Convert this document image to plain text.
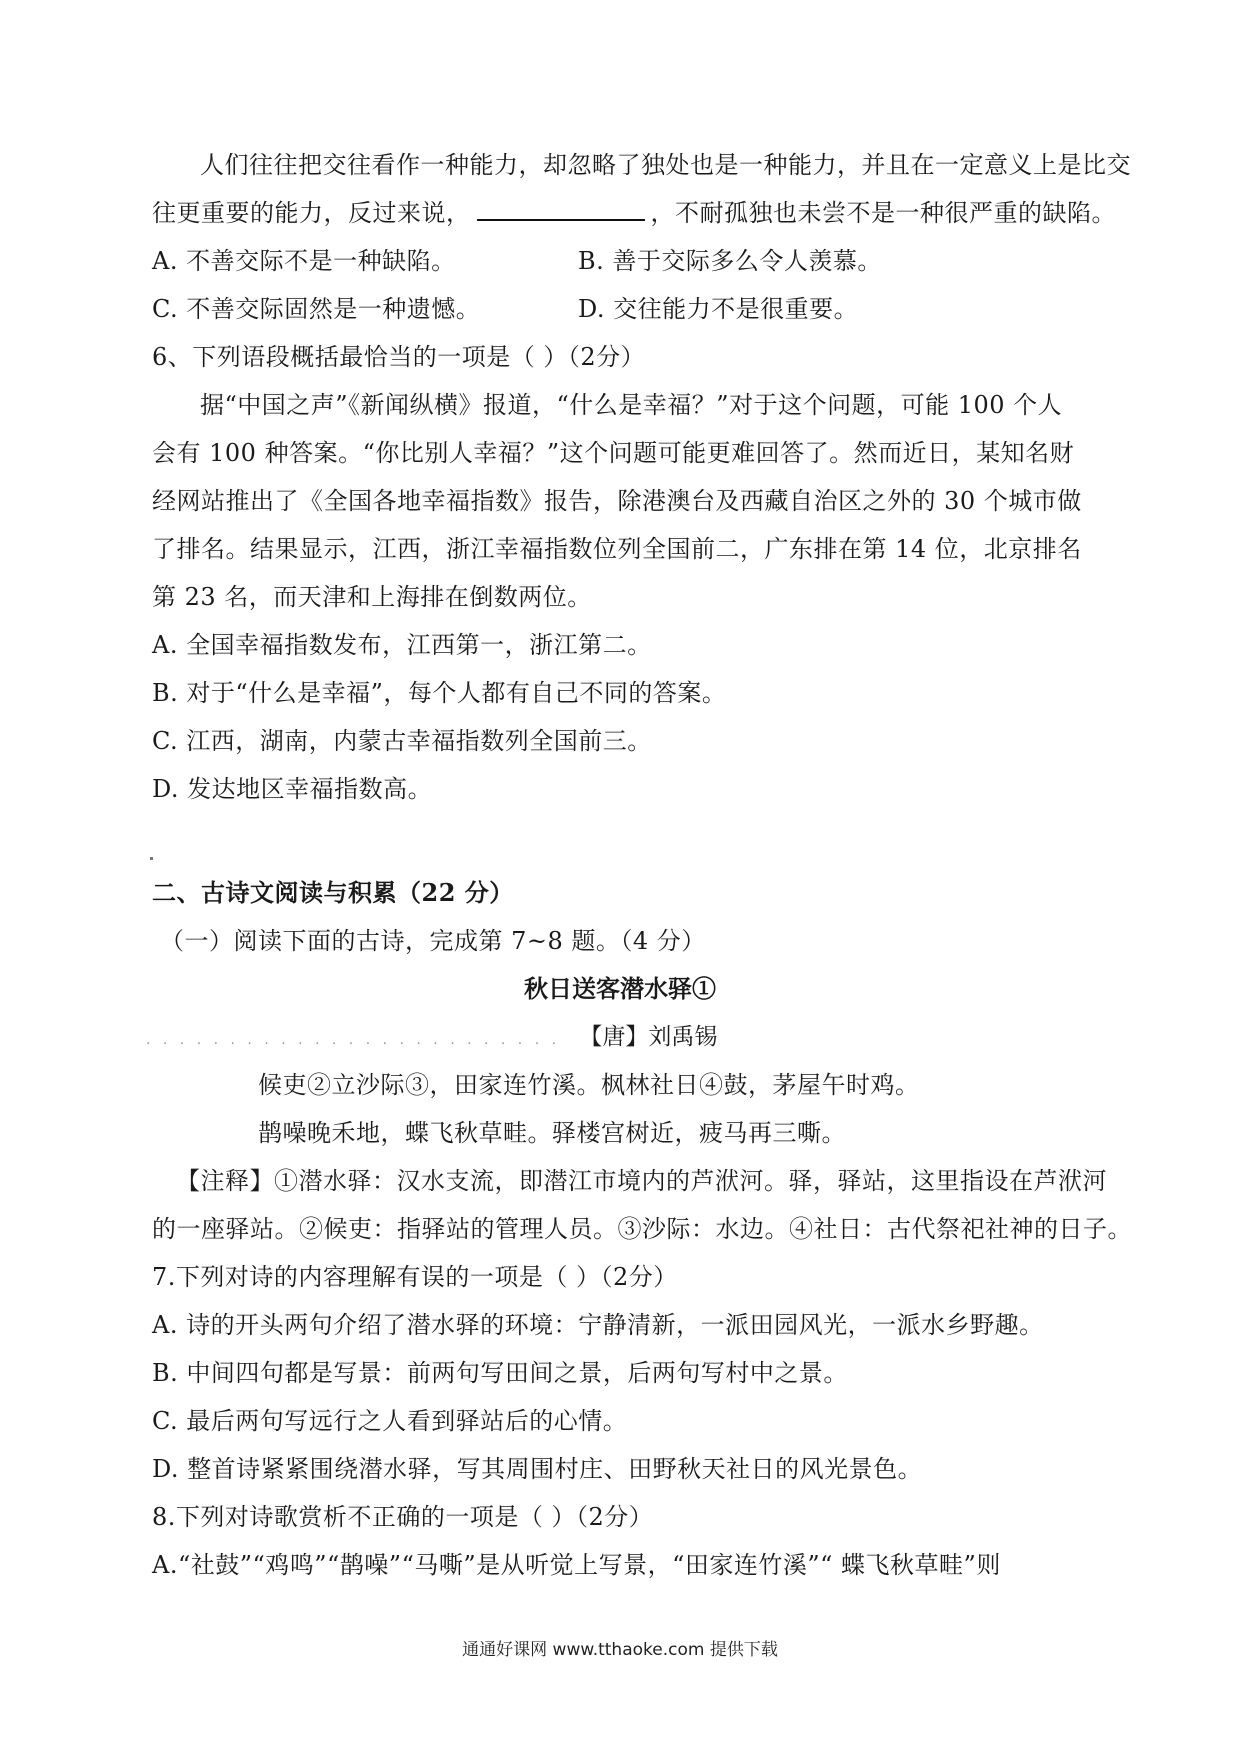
人们往往把交往看作一种能力，却忽略了独处也是一种能力，并且在一定意义上是比交
往更重要的能力，反过来说，	，不耐孤独也未尝不是一种很严重的缺陷。
A. 不善交际不是一种缺陷。	B. 善于交际多么令人羡慕。
C. 不善交际固然是一种遗憾。	D. 交往能力不是很重要。
6、下列语段概括最恰当的一项是（ ）（2分）
据“中国之声”《新闻纵横》报道，“什么是幸福？”对于这个问题，可能 100 个人
会有 100 种答案。“你比别人幸福？”这个问题可能更难回答了。然而近日，某知名财
经网站推出了《全国各地幸福指数》报告，除港澳台及西藏自治区之外的 30 个城市做
了排名。结果显示，江西，浙江幸福指数位列全国前二，广东排在第 14 位，北京排名
第 23 名，而天津和上海排在倒数两位。
A. 全国幸福指数发布，江西第一，浙江第二。
B. 对于“什么是幸福”，每个人都有自己不同的答案。
C. 江西，湖南，内蒙古幸福指数列全国前三。
D. 发达地区幸福指数高。
二、古诗文阅读与积累（22 分）
（一）阅读下面的古诗，完成第 7~8 题。（4 分）
秋日送客潜水驿①
. . . . . . . . . . . . . . . . . . . . . . . . . 【唐】刘禹锡
候吏②立沙际③，田家连竹溪。枫林社日④鼓，茅屋午时鸡。
鹊噪晚禾地，蝶飞秋草畦。驿楼宫树近，疲马再三嘶。
【注释】①潜水驿：汉水支流，即潜江市境内的芦洑河。驿，驿站，这里指设在芦洑河
的一座驿站。②候吏：指驿站的管理人员。③沙际：水边。④社日：古代祭祀社神的日子。
7.下列对诗的内容理解有误的一项是（ ）（2分）
A. 诗的开头两句介绍了潜水驿的环境：宁静清新，一派田园风光，一派水乡野趣。
B. 中间四句都是写景：前两句写田间之景，后两句写村中之景。
C. 最后两句写远行之人看到驿站后的心情。
D. 整首诗紧紧围绕潜水驿，写其周围村庄、田野秋天社日的风光景色。
8.下列对诗歌赏析不正确的一项是（ ）（2分）
A.“社鼓”“鸡鸣”“鹊噪”“马嘶”是从听觉上写景，“田家连竹溪”“ 蝶飞秋草畦”则
通通好课网 www.tthaoke.com 提供下载
